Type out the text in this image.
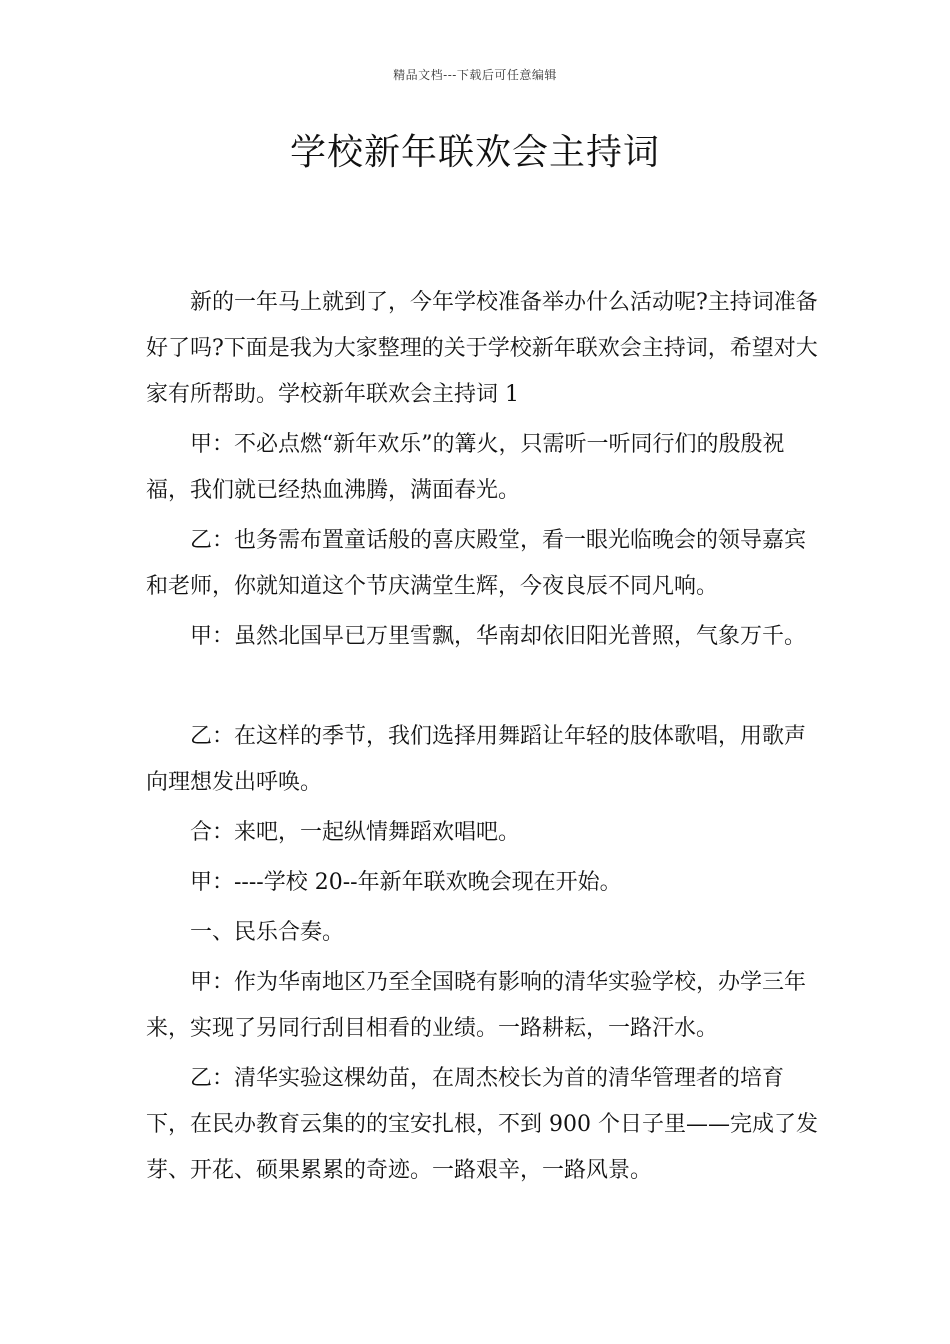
精品文档---下载后可任意编辑
学校新年联欢会主持词

新的一年马上就到了，今年学校准备举办什么活动呢?主持词准备好了吗?下面是我为大家整理的关于学校新年联欢会主持词，希望对大家有所帮助。学校新年联欢会主持词 1

甲：不必点燃“新年欢乐”的篝火，只需听一听同行们的殷殷祝福，我们就已经热血沸腾，满面春光。

乙：也务需布置童话般的喜庆殿堂，看一眼光临晚会的领导嘉宾和老师，你就知道这个节庆满堂生辉，今夜良辰不同凡响。

甲：虽然北国早已万里雪飘，华南却依旧阳光普照，气象万千。

乙：在这样的季节，我们选择用舞蹈让年轻的肢体歌唱，用歌声向理想发出呼唤。

合：来吧，一起纵情舞蹈欢唱吧。

甲：----学校 20--年新年联欢晚会现在开始。

一、民乐合奏。

甲：作为华南地区乃至全国晓有影响的清华实验学校，办学三年来，实现了另同行刮目相看的业绩。一路耕耘，一路汗水。

乙：清华实验这棵幼苗，在周杰校长为首的清华管理者的培育下，在民办教育云集的的宝安扎根，不到 900 个日子里——完成了发芽、开花、硕果累累的奇迹。一路艰辛，一路风景。
